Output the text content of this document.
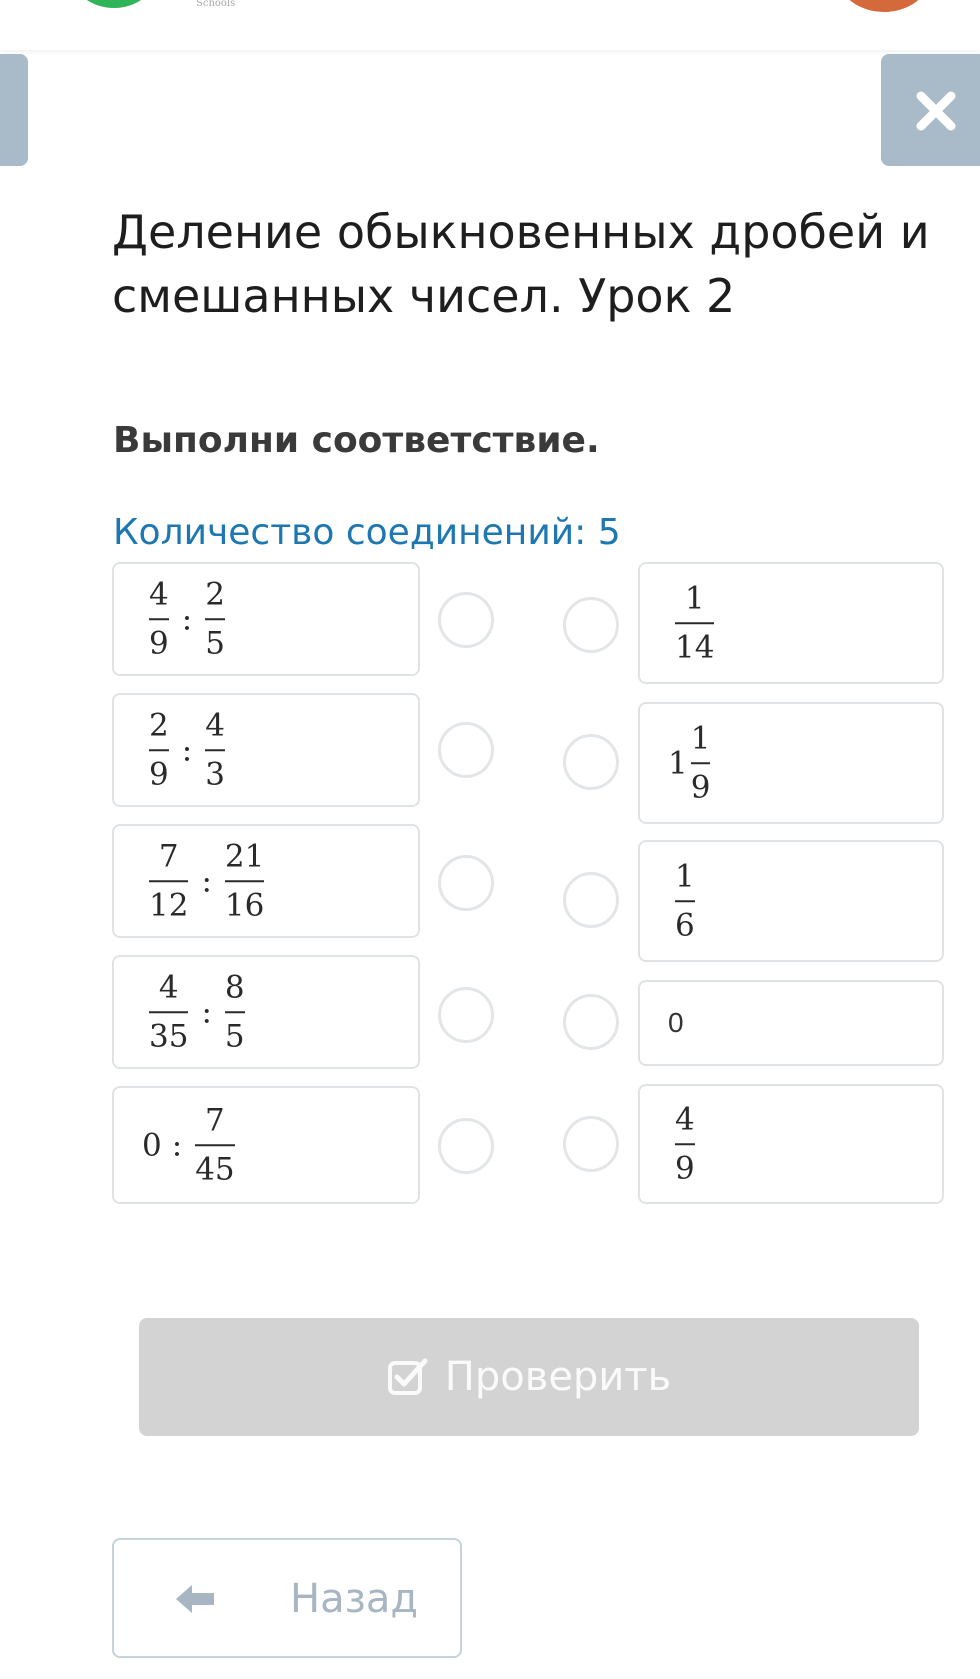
Schools
Деление обыкновенных дробей и смешанных чисел. Урок 2
Выполни соответствие.
Количество соединений: 5
$\frac{4}{9}$ : $\frac{2}{5}$
$\frac{2}{9}$ : $\frac{4}{3}$
$\frac{7}{12}$ : $\frac{21}{16}$
$\frac{4}{35}$ : $\frac{8}{5}$
0 : $\frac{7}{45}$
$\frac{1}{14}$
$1 \frac{1}{9}$
$\frac{1}{6}$
0
$\frac{4}{9}$
Проверить
Назад
